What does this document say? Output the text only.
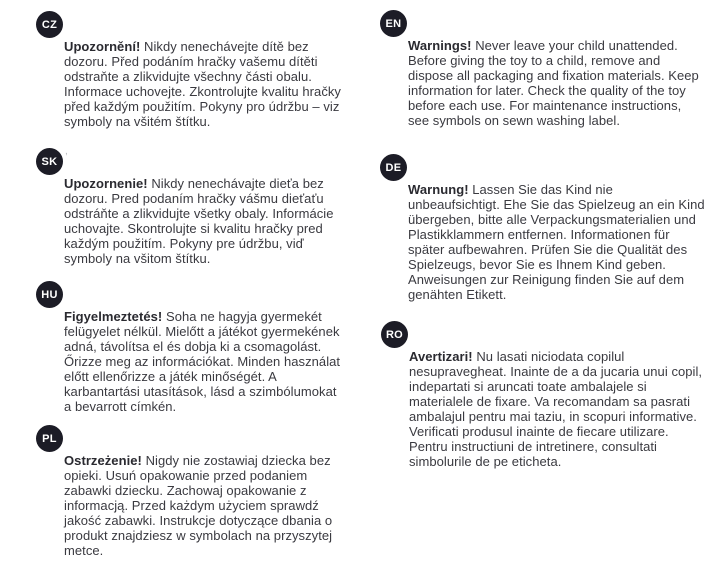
CZ

Upozornění! Nikdy nenechávejte dítě bez dozoru. Před podáním hračky vašemu dítěti odstraňte a zlikvidujte všechny části obalu. Informace uchovejte. Zkontrolujte kvalitu hračky před každým použitím. Pokyny pro údržbu – viz symboly na všitém štítku.

,
SK

Upozornenie! Nikdy nenechávajte dieťa bez dozoru. Pred podaním hračky vášmu dieťaťu odstráňte a zlikvidujte všetky obaly. Informácie uchovajte. Skontrolujte si kvalitu hračky pred každým použitím. Pokyny pre údržbu, viď symboly na všitom štítku.

HU

Figyelmeztetés! Soha ne hagyja gyermekét felügyelet nélkül. Mielőtt a játékot gyermekének adná, távolítsa el és dobja ki a csomagolást. Őrizze meg az információkat. Minden használat előtt ellenőrizze a játék minőségét. A karbantartási utasítások, lásd a szimbólumokat a bevarrott címkén.

PL

Ostrzeżenie! Nigdy nie zostawiaj dziecka bez opieki. Usuń opakowanie przed podaniem zabawki dziecku. Zachowaj opakowanie z informacją. Przed każdym użyciem sprawdź jakość zabawki. Instrukcje dotyczące dbania o produkt znajdziesz w symbolach na przyszytej metce.

EN

Warnings! Never leave your child unattended. Before giving the toy to a child, remove and dispose all packaging and fixation materials. Keep information for later. Check the quality of the toy before each use. For maintenance instructions, see symbols on sewn washing label.

DE

Warnung! Lassen Sie das Kind nie unbeaufsichtigt. Ehe Sie das Spielzeug an ein Kind übergeben, bitte alle Verpackungsmaterialien und Plastikklammern entfernen. Informationen für später aufbewahren. Prüfen Sie die Qualität des Spielzeugs, bevor Sie es Ihnem Kind geben. Anweisungen zur Reinigung finden Sie auf dem genähten Etikett.

RO

Avertizari! Nu lasati niciodata copilul nesupravegheat. Inainte de a da jucaria unui copil, indepartati si aruncati toate ambalajele si materialele de fixare. Va recomandam sa pasrati ambalajul pentru mai taziu, in scopuri informative. Verificati produsul inainte de fiecare utilizare. Pentru instructiuni de intretinere, consultati simbolurile de pe eticheta.
